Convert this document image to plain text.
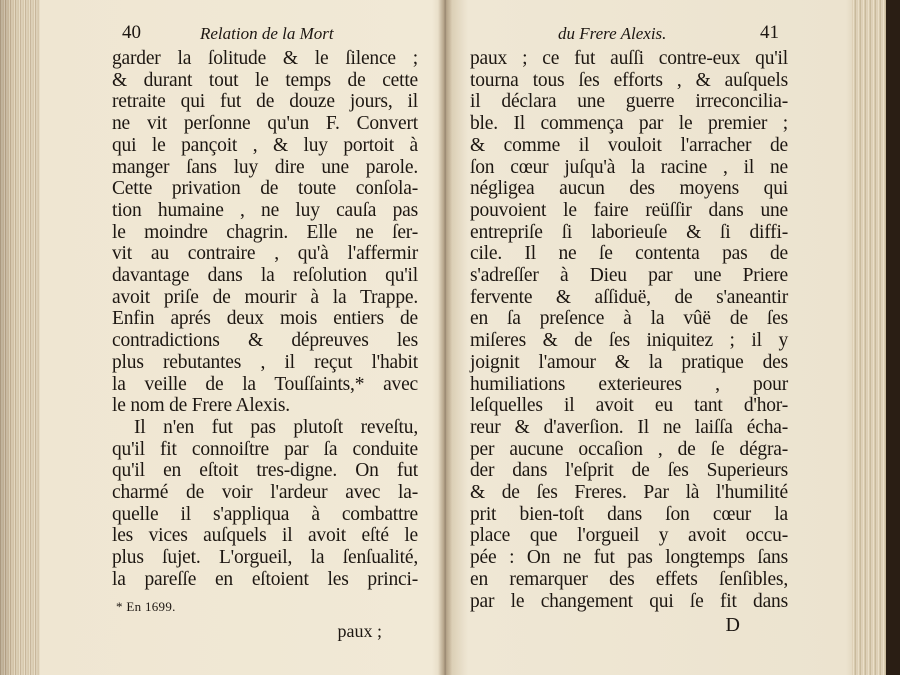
40	Relation de la Mort
garder la ſolitude & le ſilence ;
& durant tout le temps de cette
retraite qui fut de douze jours, il
ne vit perſonne qu'un F. Convert
qui le pançoit , & luy portoit à
manger ſans luy dire une parole.
Cette privation de toute conſola-
tion humaine , ne luy cauſa pas
le moindre chagrin. Elle ne ſer-
vit au contraire , qu'à l'affermir
davantage dans la reſolution qu'il
avoit priſe de mourir à la Trappe.
Enfin aprés deux mois entiers de
contradictions & dépreuves les
plus rebutantes , il reçut l'habit
la veille de la Touſſaints,* avec
le nom de Frere Alexis.
Il n'en fut pas plutoſt reveſtu,
qu'il fit connoiſtre par ſa conduite
qu'il en eſtoit tres-digne. On fut
charmé de voir l'ardeur avec la-
quelle il s'appliqua à combattre
les vices auſquels il avoit eſté le
plus ſujet. L'orgueil, la ſenſualité,
la pareſſe en eſtoient les princi-
* En 1699.
paux ;
du Frere Alexis.	41
paux ; ce fut auſſi contre-eux qu'il
tourna tous ſes efforts , & auſquels
il déclara une guerre irreconcilia-
ble. Il commença par le premier ;
& comme il vouloit l'arracher de
ſon cœur juſqu'à la racine , il ne
négligea aucun des moyens qui
pouvoient le faire reüſſir dans une
entrepriſe ſi laborieuſe & ſi diffi-
cile. Il ne ſe contenta pas de
s'adreſſer à Dieu par une Priere
fervente & aſſiduë, de s'aneantir
en ſa preſence à la vûë de ſes
miſeres & de ſes iniquitez ; il y
joignit l'amour & la pratique des
humiliations exterieures , pour
leſquelles il avoit eu tant d'hor-
reur & d'averſion. Il ne laiſſa écha-
per aucune occaſion , de ſe dégra-
der dans l'eſprit de ſes Superieurs
& de ſes Freres. Par là l'humilité
prit bien-toſt dans ſon cœur la
place que l'orgueil y avoit occu-
pée : On ne fut pas longtemps ſans
en remarquer des effets ſenſibles,
par le changement qui ſe fit dans
D
